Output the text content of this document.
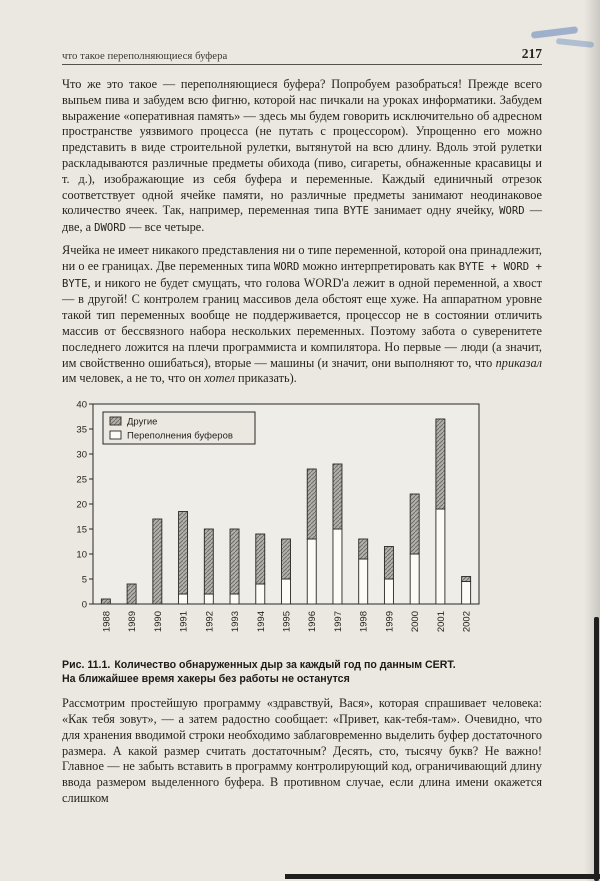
что такое переполняющиеся буфера	217

Что же это такое — переполняющиеся буфера? Попробуем разобраться! Прежде всего выпьем пива и забудем всю фигню, которой нас пичкали на уроках информатики. Забудем выражение «оперативная память» — здесь мы будем говорить исключительно об адресном пространстве уязвимого процесса (не путать с процессором). Упрощенно его можно представить в виде строительной рулетки, вытянутой на всю длину. Вдоль этой рулетки раскладываются различные предметы обихода (пиво, сигареты, обнаженные красавицы и т. д.), изображающие из себя буфера и переменные. Каждый единичный отрезок соответствует одной ячейке памяти, но различные предметы занимают неодинаковое количество ячеек. Так, например, переменная типа BYTE занимает одну ячейку, WORD — две, а DWORD — все четыре.

Ячейка не имеет никакого представления ни о типе переменной, которой она принадлежит, ни о ее границах. Две переменных типа WORD можно интерпретировать как BYTE + WORD + BYTE, и никого не будет смущать, что голова WORD'а лежит в одной переменной, а хвост — в другой! С контролем границ массивов дела обстоят еще хуже. На аппаратном уровне такой тип переменных вообще не поддерживается, процессор не в состоянии отличить массив от бессвязного набора нескольких переменных. Поэтому забота о суверенитете последнего ложится на плечи программиста и компилятора. Но первые — люди (а значит, им свойственно ошибаться), вторые — машины (и значит, они выполняют то, что приказал им человек, а не то, что он хотел приказать).

0
5
10
15
20
25
30
35
40
1988 1989 1990 1991 1992 1993 1994 1995 1996 1997 1998 1999 2000 2001 2002
Другие
Переполнения буферов
Рис. 11.1. Количество обнаруженных дыр за каждый год по данным CERT.
На ближайшее время хакеры без работы не останутся

Рассмотрим простейшую программу «здравствуй, Вася», которая спрашивает человека: «Как тебя зовут», — а затем радостно сообщает: «Привет, как-тебя-там». Очевидно, что для хранения вводимой строки необходимо заблаговременно выделить буфер достаточного размера. А какой размер считать достаточным? Десять, сто, тысячу букв? Не важно! Главное — не забыть вставить в программу контролирующий код, ограничивающий длину ввода размером выделенного буфера. В противном случае, если длина имени окажется слишком
